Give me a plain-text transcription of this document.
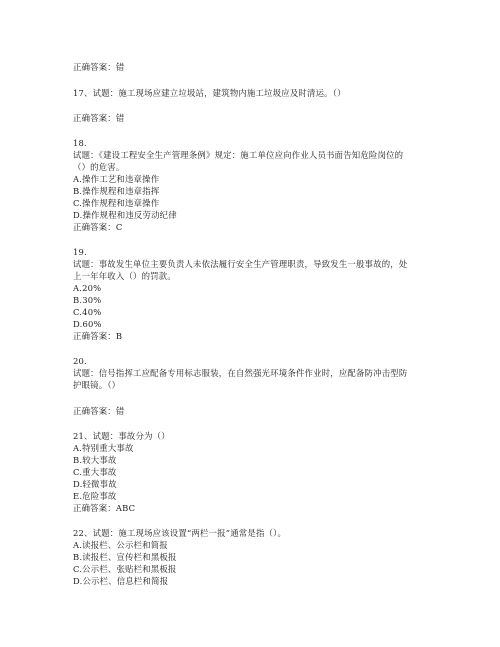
正确答案：错
17、试题：施工现场应建立垃圾站，建筑物内施工垃圾应及时清运。（）
正确答案：错
18.
试题：《建设工程安全生产管理条例》规定：施工单位应向作业人员书面告知危险岗位的
（）的危害。
A.操作工艺和违章操作
B.操作规程和违章指挥
C.操作规程和违章操作
D.操作规程和违反劳动纪律
正确答案：C
19.
试题：事故发生单位主要负责人未依法履行安全生产管理职责，导致发生一般事故的，处
上一年年收入（）的罚款。
A.20%
B.30%
C.40%
D.60%
正确答案：B
20.
试题：信号指挥工应配备专用标志服装，在自然强光环境条件作业时，应配备防冲击型防
护眼镜。（）
正确答案：错
21、试题：事故分为（）
A.特别重大事故
B.较大事故
C.重大事故
D.轻微事故
E.危险事故
正确答案：ABC
22、试题：施工现场应该设置“两栏一报”通常是指（）。
A.读报栏、公示栏和简报
B.读报栏、宣传栏和黑板报
C.公示栏、张贴栏和黑板报
D.公示栏、信息栏和简报
